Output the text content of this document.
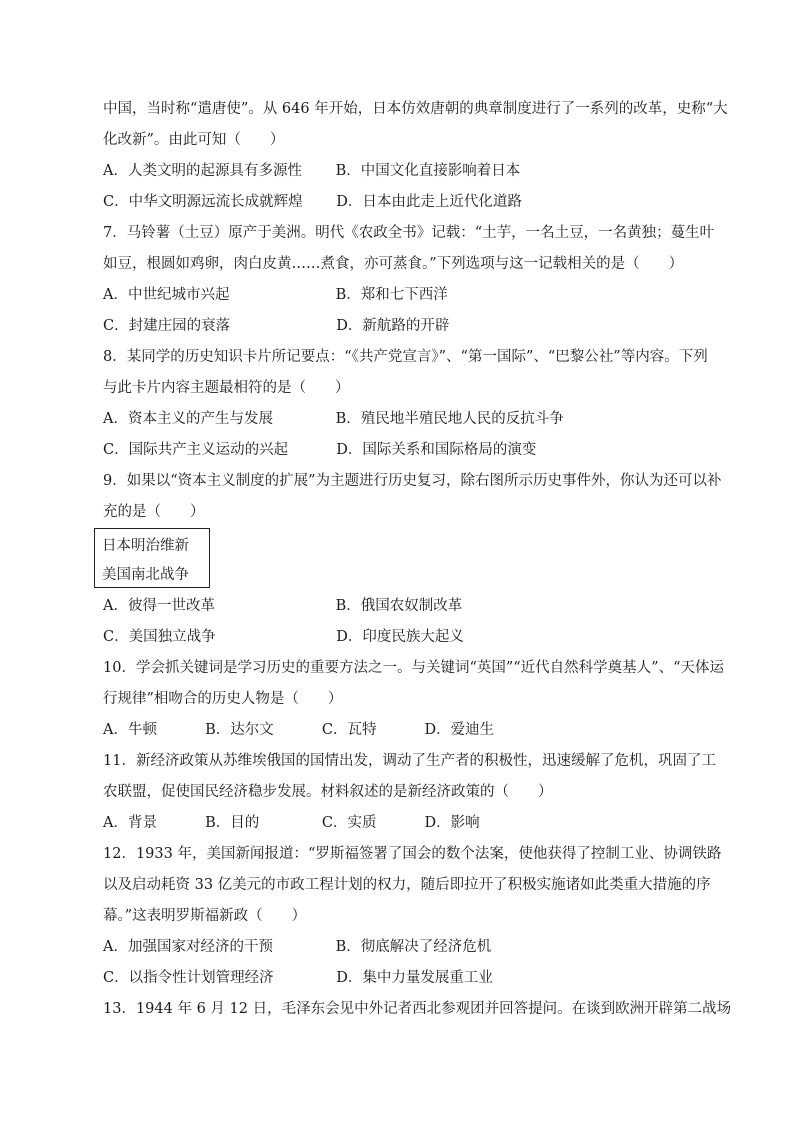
中国，当时称“遣唐使”。从 646 年开始，日本仿效唐朝的典章制度进行了一系列的改革，史称“大
化改新”。由此可知（　　）
A．人类文明的起源具有多源性　　 B．中国文化直接影响着日本
C．中华文明源远流长成就辉煌　　 D．日本由此走上近代化道路
7．马铃薯（土豆）原产于美洲。明代《农政全书》记载：“土芋，一名土豆，一名黄独；蔓生叶
如豆，根圆如鸡卵，肉白皮黄……煮食，亦可蒸食。”下列选项与这一记载相关的是（　　）
A．中世纪城市兴起　　　　　　　 B．郑和七下西洋
C．封建庄园的衰落　　　　　　　 D．新航路的开辟
8．某同学的历史知识卡片所记要点：“《共产党宣言》”、“第一国际”、“巴黎公社”等内容。下列
与此卡片内容主题最相符的是（　　）
A．资本主义的产生与发展　　　　 B．殖民地半殖民地人民的反抗斗争
C．国际共产主义运动的兴起　　　 D．国际关系和国际格局的演变
9．如果以“资本主义制度的扩展”为主题进行历史复习，除右图所示历史事件外，你认为还可以补
充的是（　　）
日本明治维新
美国南北战争
A．彼得一世改革　　　　　　　　 B．俄国农奴制改革
C．美国独立战争　　　　　　　　 D．印度民族大起义
10．学会抓关键词是学习历史的重要方法之一。与关键词“英国”“近代自然科学奠基人”、“天体运
行规律”相吻合的历史人物是（　　）
A．牛顿　　　 B．达尔文　　　 C．瓦特　　　 D．爱迪生
11．新经济政策从苏维埃俄国的国情出发，调动了生产者的积极性，迅速缓解了危机，巩固了工
农联盟，促使国民经济稳步发展。材料叙述的是新经济政策的（　　）
A．背景　　　 B．目的　　　　 C．实质　　　 D．影响
12．1933 年，美国新闻报道：“罗斯福签署了国会的数个法案，使他获得了控制工业、协调铁路
以及启动耗资 33 亿美元的市政工程计划的权力，随后即拉开了积极实施诸如此类重大措施的序
幕。”这表明罗斯福新政（　　）
A．加强国家对经济的干预　　　　 B．彻底解决了经济危机
C．以指令性计划管理经济　　　　 D．集中力量发展重工业
13．1944 年 6 月 12 日，毛泽东会见中外记者西北参观团并回答提问。在谈到欧洲开辟第二战场
